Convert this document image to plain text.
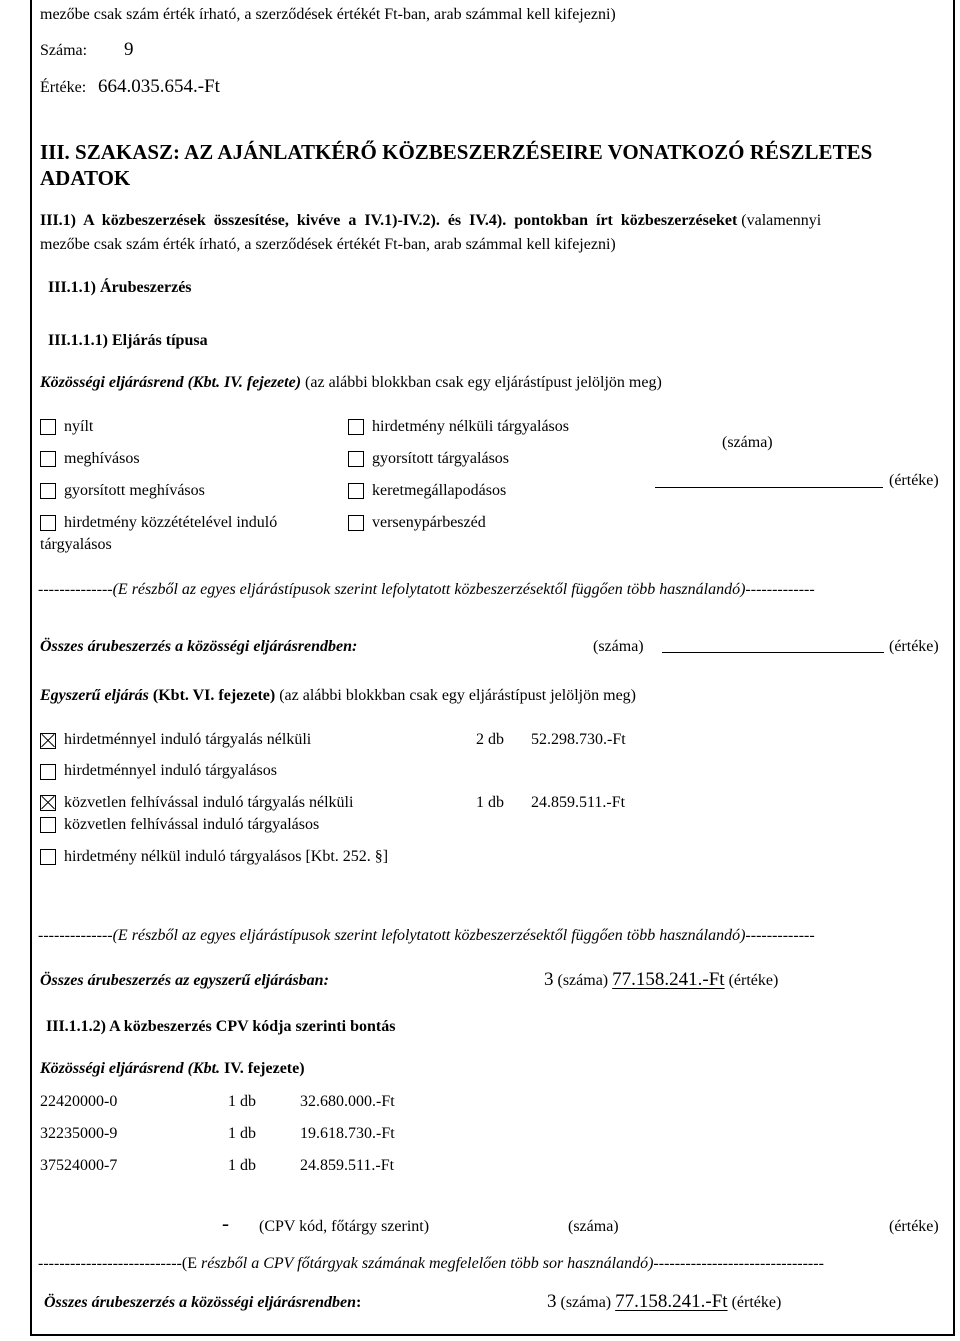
mezőbe csak szám érték írható, a szerződések értékét Ft-ban, arab számmal kell kifejezni)
Száma: 9
Értéke: 664.035.654.-Ft
III. SZAKASZ: AZ AJÁNLATKÉRŐ KÖZBESZERZÉSEIRE VONATKOZÓ RÉSZLETES
ADATOK
III.1) A közbeszerzések összesítése, kivéve a IV.1)-IV.2). és IV.4). pontokban írt közbeszerzéseket (valamennyi
mezőbe csak szám érték írható, a szerződések értékét Ft-ban, arab számmal kell kifejezni)
III.1.1) Árubeszerzés
III.1.1.1) Eljárás típusa
Közösségi eljárásrend (Kbt. IV. fejezete) (az alábbi blokkban csak egy eljárástípust jelöljön meg)
nyílt
meghívásos
gyorsított meghívásos
hirdetmény közzétételével induló
tárgyalásos
hirdetmény nélküli tárgyalásos
gyorsított tárgyalásos
keretmegállapodásos
versenypárbeszéd
(száma)
(értéke)
--------------(E részből az egyes eljárástípusok szerint lefolytatott közbeszerzésektől függően több használandó)-------------
Összes árubeszerzés a közösségi eljárásrendben:	(száma)	(értéke)
Egyszerű eljárás (Kbt. VI. fejezete) (az alábbi blokkban csak egy eljárástípust jelöljön meg)
hirdetménnyel induló tárgyalás nélküli	2 db 52.298.730.-Ft
hirdetménnyel induló tárgyalásos
közvetlen felhívással induló tárgyalás nélküli	1 db 24.859.511.-Ft
közvetlen felhívással induló tárgyalásos
hirdetmény nélkül induló tárgyalásos [Kbt. 252. §]
--------------(E részből az egyes eljárástípusok szerint lefolytatott közbeszerzésektől függően több használandó)-------------
Összes árubeszerzés az egyszerű eljárásban:	3 (száma) 77.158.241.-Ft (értéke)
III.1.1.2) A közbeszerzés CPV kódja szerinti bontás
Közösségi eljárásrend (Kbt. IV. fejezete)
22420000-0	1 db	32.680.000.-Ft
32235000-9	1 db	19.618.730.-Ft
37524000-7	1 db	24.859.511.-Ft
- (CPV kód, főtárgy szerint)	(száma)	(értéke)
---------------------------(E részből a CPV főtárgyak számának megfelelően több sor használandó)--------------------------------
Összes árubeszerzés a közösségi eljárásrendben:	3 (száma) 77.158.241.-Ft (értéke)
